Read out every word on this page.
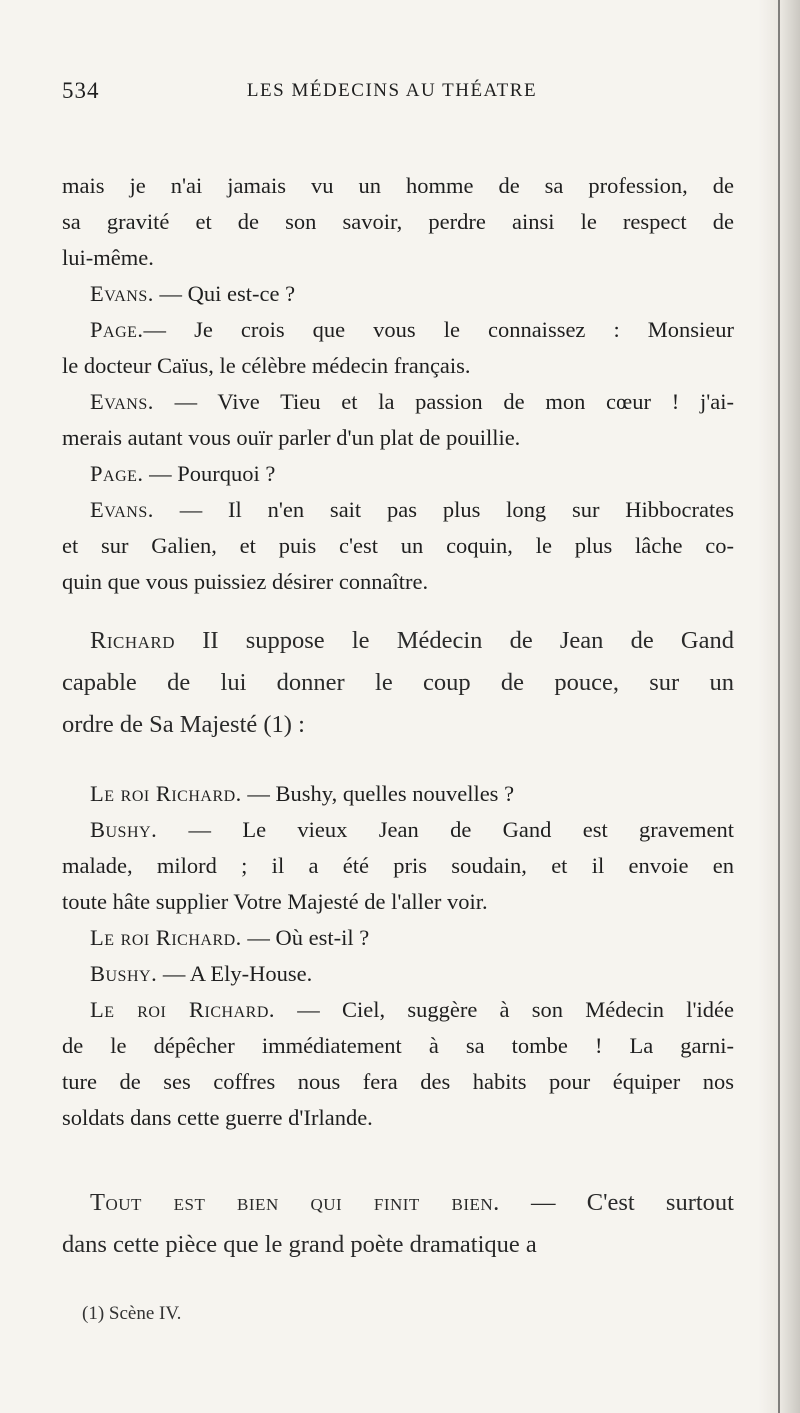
534	LES MÉDECINS AU THÉATRE

mais je n'ai jamais vu un homme de sa profession, de

sa gravité et de son savoir, perdre ainsi le respect de

lui-même.

Evans. — Qui est-ce ?

Page.— Je crois que vous le connaissez : Monsieur

le docteur Caïus, le célèbre médecin français.

Evans. — Vive Tieu et la passion de mon cœur ! j'ai-

merais autant vous ouïr parler d'un plat de pouillie.

Page. — Pourquoi ?

Evans. — Il n'en sait pas plus long sur Hibbocrates

et sur Galien, et puis c'est un coquin, le plus lâche co-

quin que vous puissiez désirer connaître.

Richard II suppose le Médecin de Jean de Gand

capable de lui donner le coup de pouce, sur un

ordre de Sa Majesté (1) :

Le roi Richard. — Bushy, quelles nouvelles ?

Bushy. — Le vieux Jean de Gand est gravement

malade, milord ; il a été pris soudain, et il envoie en

toute hâte supplier Votre Majesté de l'aller voir.

Le roi Richard. — Où est-il ?

Bushy. — A Ely-House.

Le roi Richard. — Ciel, suggère à son Médecin l'idée

de le dépêcher immédiatement à sa tombe ! La garni-

ture de ses coffres nous fera des habits pour équiper nos

soldats dans cette guerre d'Irlande.

Tout est bien qui finit bien. — C'est surtout

dans cette pièce que le grand poète dramatique a

(1) Scène IV.
